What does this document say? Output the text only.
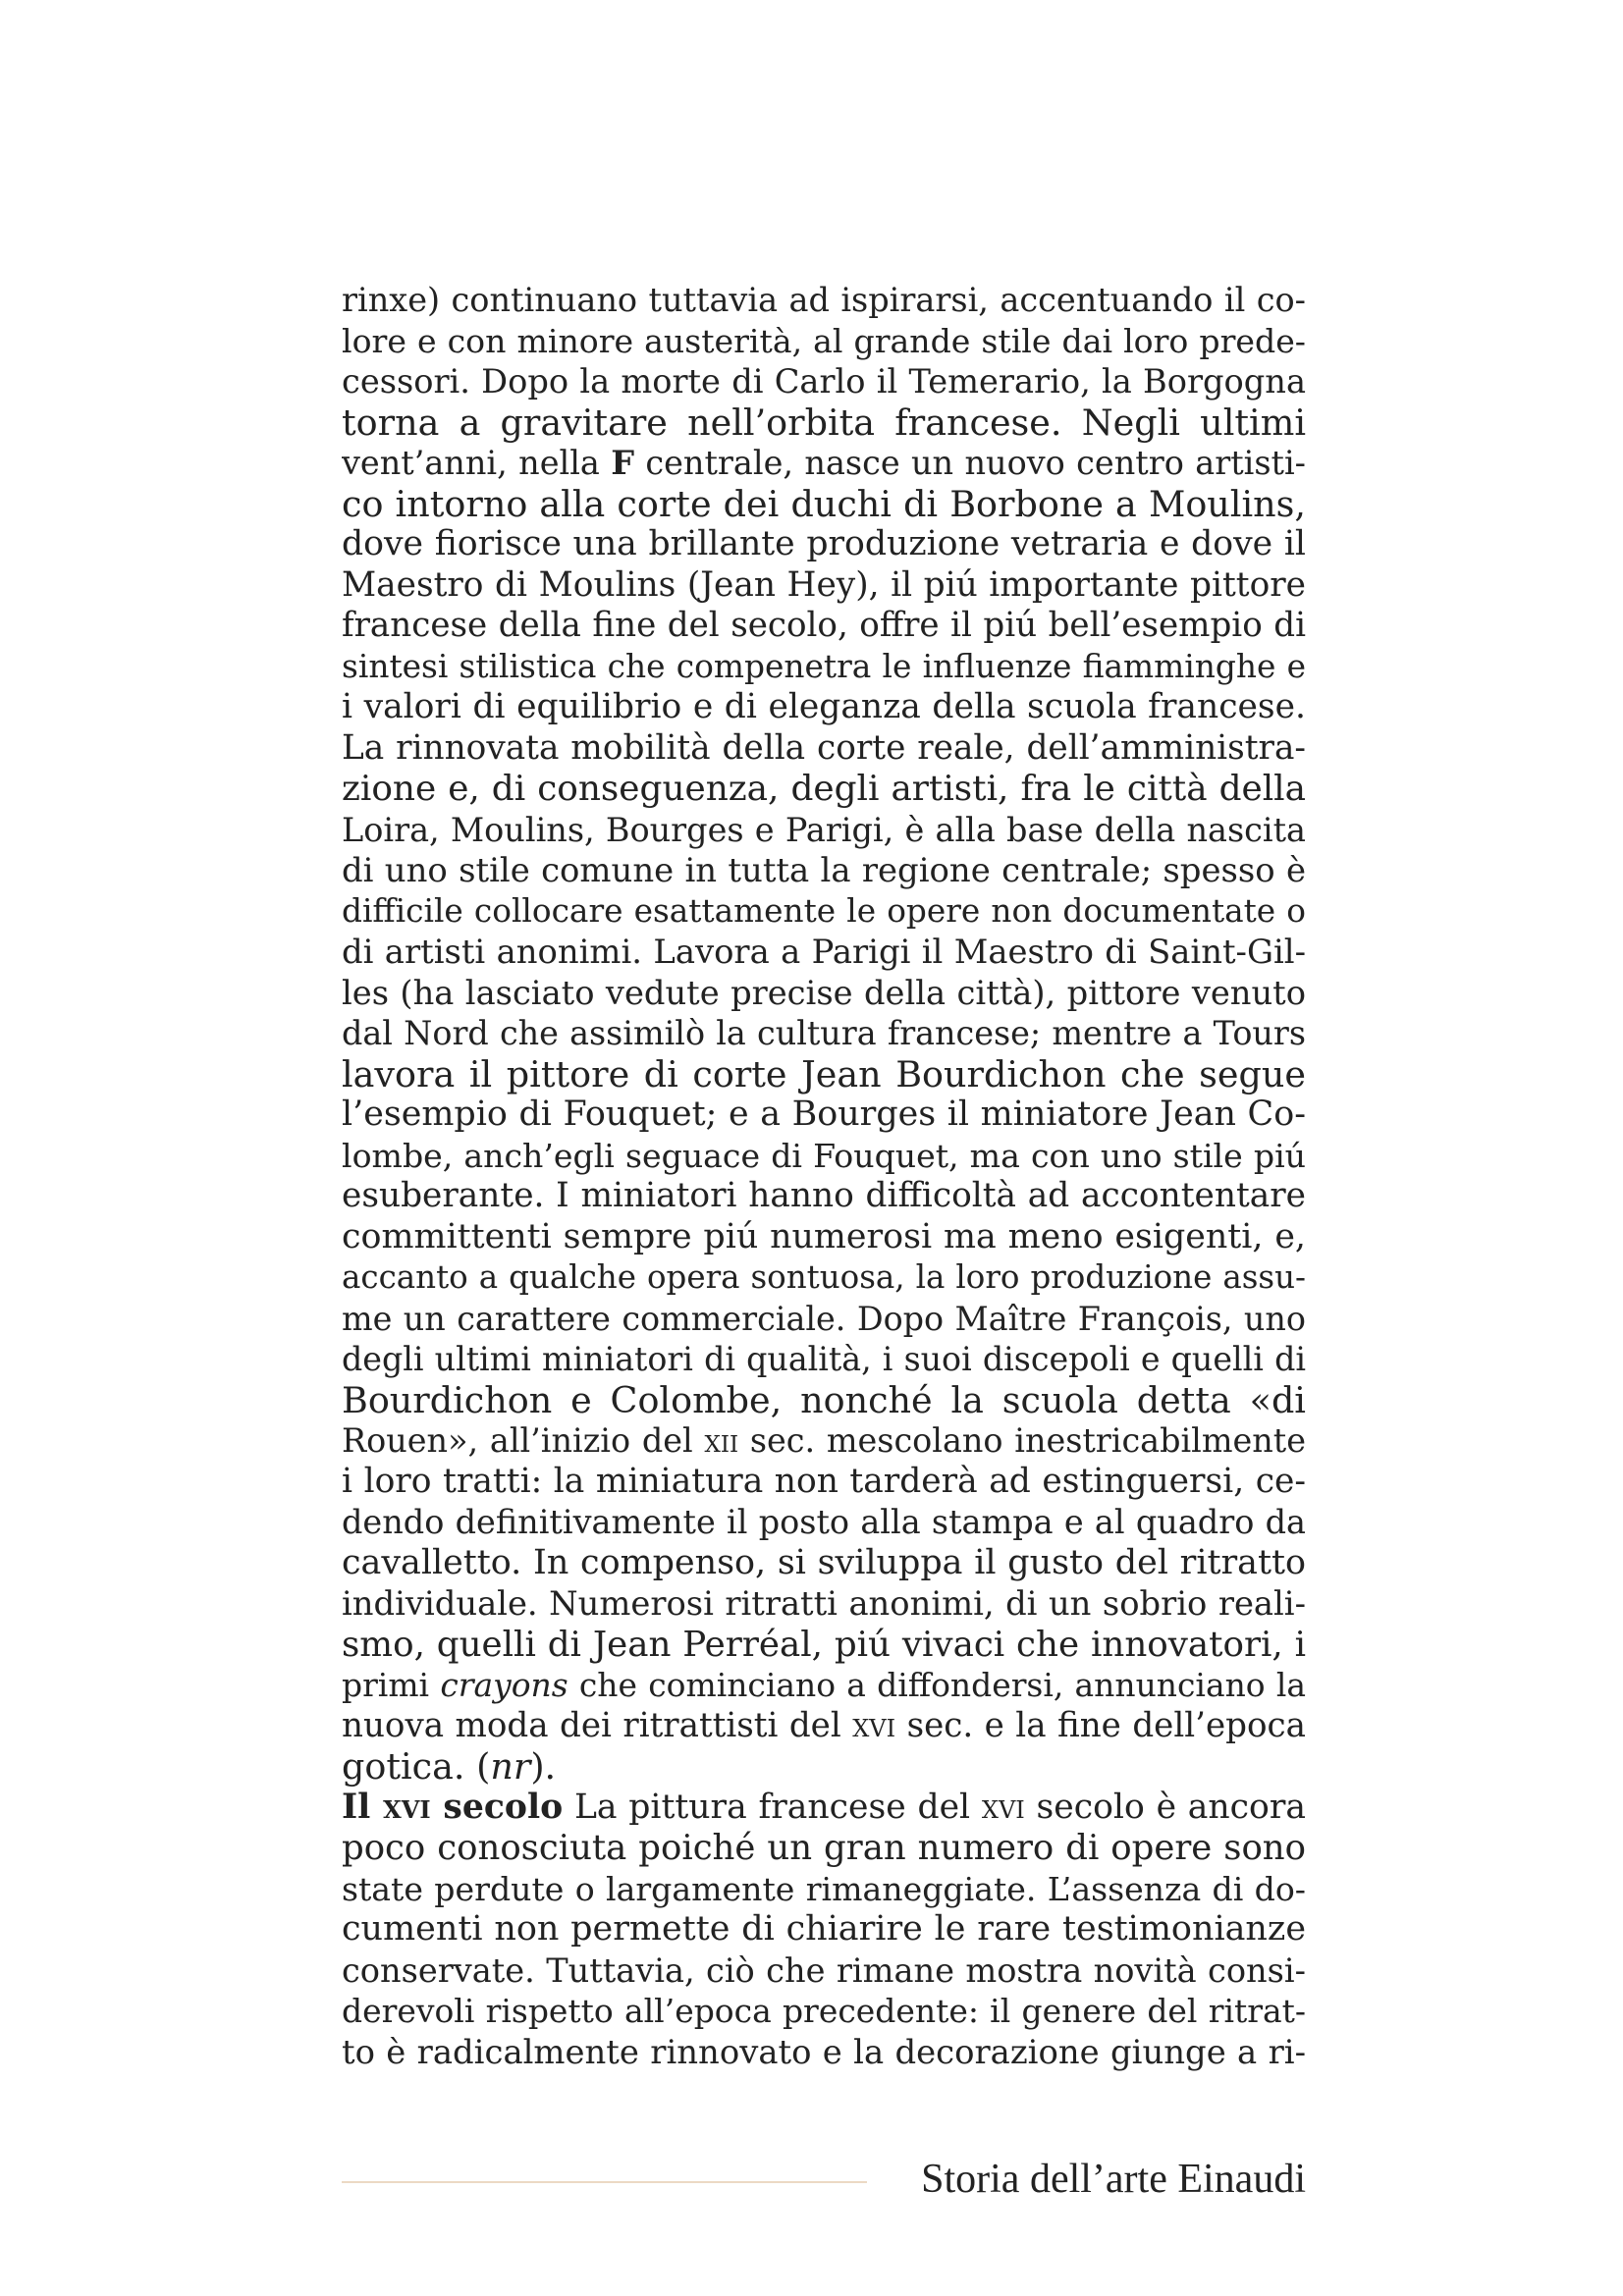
rinxe) continuano tuttavia ad ispirarsi, accentuando il co-
lore e con minore austerità, al grande stile dai loro prede-
cessori. Dopo la morte di Carlo il Temerario, la Borgogna
torna a gravitare nell’orbita francese. Negli ultimi
vent’anni, nella F centrale, nasce un nuovo centro artisti-
co intorno alla corte dei duchi di Borbone a Moulins,
dove fiorisce una brillante produzione vetraria e dove il
Maestro di Moulins (Jean Hey), il piú importante pittore
francese della fine del secolo, offre il piú bell’esempio di
sintesi stilistica che compenetra le influenze fiamminghe e
i valori di equilibrio e di eleganza della scuola francese.
La rinnovata mobilità della corte reale, dell’amministra-
zione e, di conseguenza, degli artisti, fra le città della
Loira, Moulins, Bourges e Parigi, è alla base della nascita
di uno stile comune in tutta la regione centrale; spesso è
difficile collocare esattamente le opere non documentate o
di artisti anonimi. Lavora a Parigi il Maestro di Saint-Gil-
les (ha lasciato vedute precise della città), pittore venuto
dal Nord che assimilò la cultura francese; mentre a Tours
lavora il pittore di corte Jean Bourdichon che segue
l’esempio di Fouquet; e a Bourges il miniatore Jean Co-
lombe, anch’egli seguace di Fouquet, ma con uno stile piú
esuberante. I miniatori hanno difficoltà ad accontentare
committenti sempre piú numerosi ma meno esigenti, e,
accanto a qualche opera sontuosa, la loro produzione assu-
me un carattere commerciale. Dopo Maître François, uno
degli ultimi miniatori di qualità, i suoi discepoli e quelli di
Bourdichon e Colombe, nonché la scuola detta «di
Rouen», all’inizio del xii sec. mescolano inestricabilmente
i loro tratti: la miniatura non tarderà ad estinguersi, ce-
dendo definitivamente il posto alla stampa e al quadro da
cavalletto. In compenso, si sviluppa il gusto del ritratto
individuale. Numerosi ritratti anonimi, di un sobrio reali-
smo, quelli di Jean Perréal, piú vivaci che innovatori, i
primi crayons che cominciano a diffondersi, annunciano la
nuova moda dei ritrattisti del xvi sec. e la fine dell’epoca
gotica. (nr).
Il xvi secolo La pittura francese del xvi secolo è ancora
poco conosciuta poiché un gran numero di opere sono
state perdute o largamente rimaneggiate. L’assenza di do-
cumenti non permette di chiarire le rare testimonianze
conservate. Tuttavia, ciò che rimane mostra novità consi-
derevoli rispetto all’epoca precedente: il genere del ritrat-
to è radicalmente rinnovato e la decorazione giunge a ri-
Storia dell’arte Einaudi
